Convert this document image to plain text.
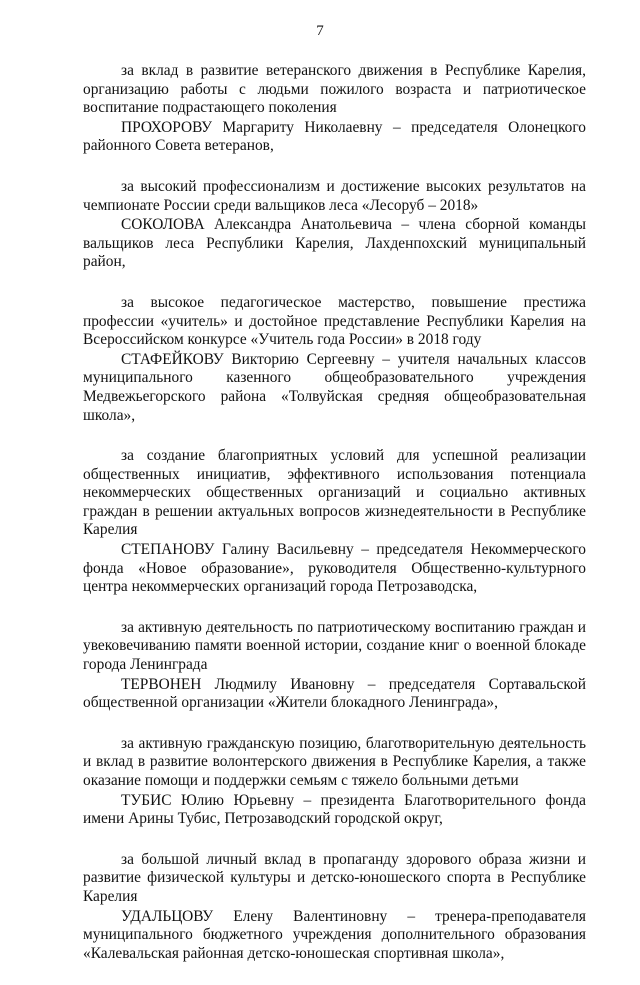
7

за вклад в развитие ветеранского движения в Республике Карелия, организацию работы с людьми пожилого возраста и патриотическое воспитание подрастающего поколения

ПРОХОРОВУ Маргариту Николаевну – председателя Олонецкого районного Совета ветеранов,

за высокий профессионализм и достижение высоких результатов на чемпионате России среди вальщиков леса «Лесоруб – 2018»

СОКОЛОВА Александра Анатольевича – члена сборной команды вальщиков леса Республики Карелия, Лахденпохский муниципальный район,

за высокое педагогическое мастерство, повышение престижа профессии «учитель» и достойное представление Республики Карелия на Всероссийском конкурсе «Учитель года России» в 2018 году

СТАФЕЙКОВУ Викторию Сергеевну – учителя начальных классов муниципального казенного общеобразовательного учреждения Медвежьегорского района «Толвуйская средняя общеобразовательная школа»,

за создание благоприятных условий для успешной реализации общественных инициатив, эффективного использования потенциала некоммерческих общественных организаций и социально активных граждан в решении актуальных вопросов жизнедеятельности в Республике Карелия

СТЕПАНОВУ Галину Васильевну – председателя Некоммерческого фонда «Новое образование», руководителя Общественно-культурного центра некоммерческих организаций города Петрозаводска,

за активную деятельность по патриотическому воспитанию граждан и увековечиванию памяти военной истории, создание книг о военной блокаде города Ленинграда

ТЕРВОНЕН Людмилу Ивановну – председателя Сортавальской общественной организации «Жители блокадного Ленинграда»,

за активную гражданскую позицию, благотворительную деятельность и вклад в развитие волонтерского движения в Республике Карелия, а также оказание помощи и поддержки семьям с тяжело больными детьми

ТУБИС Юлию Юрьевну – президента Благотворительного фонда имени Арины Тубис, Петрозаводский городской округ,

за большой личный вклад в пропаганду здорового образа жизни и развитие физической культуры и детско-юношеского спорта в Республике Карелия

УДАЛЬЦОВУ Елену Валентиновну – тренера-преподавателя муниципального бюджетного учреждения дополнительного образования «Калевальская районная детско-юношеская спортивная школа»,
